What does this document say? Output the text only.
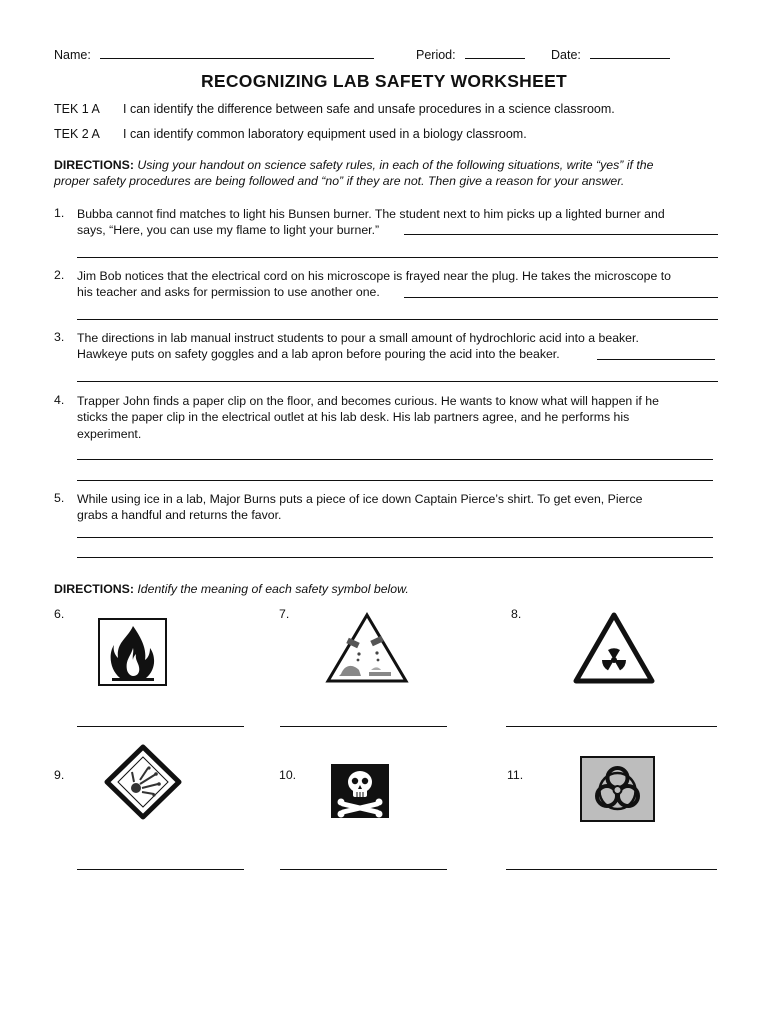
Name:	Period:	Date:
RECOGNIZING LAB SAFETY WORKSHEET
TEK 1 A I can identify the difference between safe and unsafe procedures in a science classroom.
TEK 2 A I can identify common laboratory equipment used in a biology classroom.
DIRECTIONS: Using your handout on science safety rules, in each of the following situations, write “yes” if the
proper safety procedures are being followed and “no” if they are not. Then give a reason for your answer.
1. Bubba cannot find matches to light his Bunsen burner. The student next to him picks up a lighted burner and
says, “Here, you can use my flame to light your burner.”
2. Jim Bob notices that the electrical cord on his microscope is frayed near the plug. He takes the microscope to
his teacher and asks for permission to use another one.
3. The directions in lab manual instruct students to pour a small amount of hydrochloric acid into a beaker.
Hawkeye puts on safety goggles and a lab apron before pouring the acid into the beaker.
4. Trapper John finds a paper clip on the floor, and becomes curious. He wants to know what will happen if he
sticks the paper clip in the electrical outlet at his lab desk. His lab partners agree, and he performs his
experiment.
5. While using ice in a lab, Major Burns puts a piece of ice down Captain Pierce’s shirt. To get even, Pierce
grabs a handful and returns the favor.
DIRECTIONS: Identify the meaning of each safety symbol below.
6.	7.	8.
9.	10.	11.
